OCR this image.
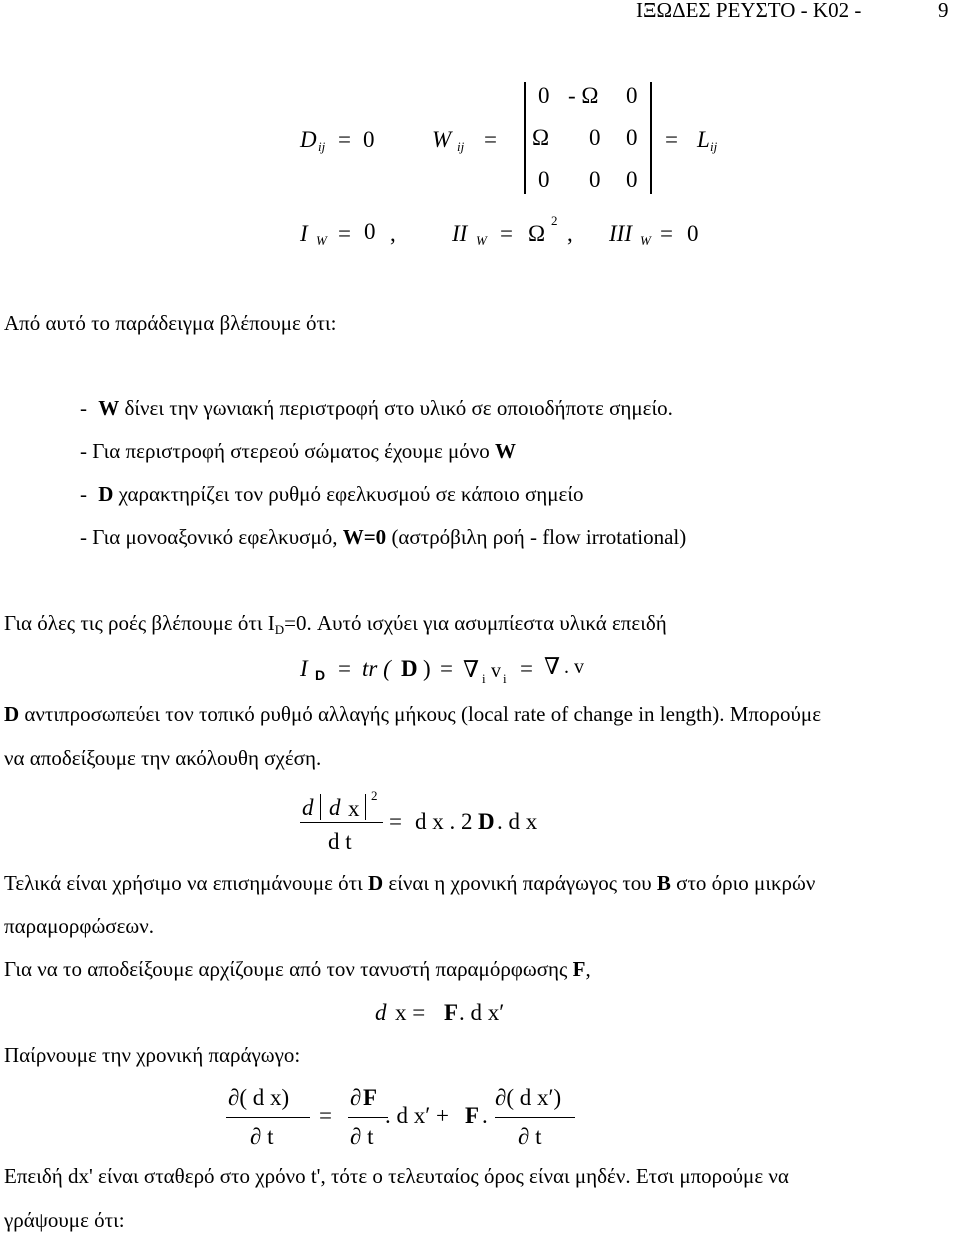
ΙΞΩΔΕΣ ΡΕΥΣΤΟ - Κ02 -	9
D ij = 0	W ij =
0 - Ω 0
Ω 0 0
0 0 0
= L ij
I W = 0 , II W = Ω
2
, III W = 0
Από αυτό το παράδειγμα βλέπουμε ότι:
- W δίνει την γωνιακή περιστροφή στο υλικό σε οποιοδήποτε σημείο.
- Για περιστροφή στερεού σώματος έχουμε μόνο W
- D χαρακτηρίζει τον ρυθμό εφελκυσμού σε κάποιο σημείο
- Για μονοαξονικό εφελκυσμό, W=0 (αστρόβιλη ροή - flow irrotational)
Για όλες τις ροές βλέπουμε ότι ID=0. Αυτό ισχύει για ασυμπίεστα υλικά επειδή
I D = tr ( D ) = ∇ i v i = ∇ . v
D αντιπροσωπεύει τον τοπικό ρυθμό αλλαγής μήκους (local rate of change in length). Μπορούμε
να αποδείξουμε την ακόλουθη σχέση.
d d x
2
d t
= d x . 2 D . d x
Τελικά είναι χρήσιμο να επισημάνουμε ότι D είναι η χρονική παράγωγος του B στο όριο μικρών
παραμορφώσεων.
Για να το αποδείξουμε αρχίζουμε από τον τανυστή παραμόρφωσης F,
d x = F . d x′
Παίρνουμε την χρονική παράγωγο:
∂( d x)
∂ t
=
∂ F
∂ t
. d x′ + F .
∂( d x′)
∂ t
Επειδή dx' είναι σταθερό στο χρόνο t', τότε ο τελευταίος όρος είναι μηδέν. Ετσι μπορούμε να
γράψουμε ότι:
